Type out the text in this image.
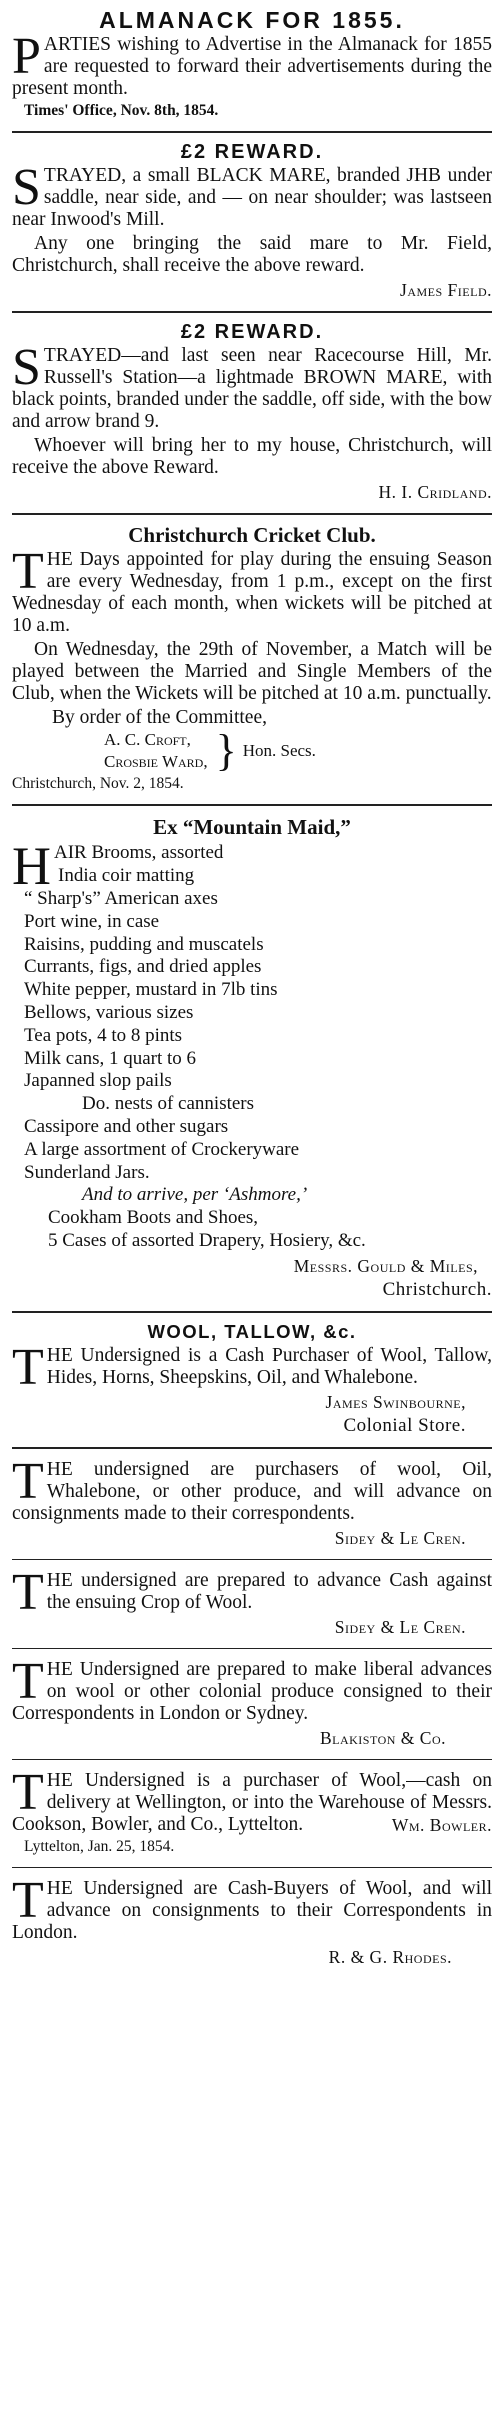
ALMANACK FOR 1855.

PARTIES wishing to Advertise in the Almanack for 1855 are requested to forward their advertisements during the present month.

Times' Office, Nov. 8th, 1854.
£2 REWARD.

STRAYED, a small BLACK MARE, branded JHB under saddle, near side, and — on near shoulder; was lastseen near Inwood's Mill.

Any one bringing the said mare to Mr. Field, Christchurch, shall receive the above reward.

James Field.
£2 REWARD.

STRAYED—and last seen near Racecourse Hill, Mr. Russell's Station—a lightmade BROWN MARE, with black points, branded under the saddle, off side, with the bow and arrow brand 9.

Whoever will bring her to my house, Christchurch, will receive the above Reward.

H. I. Cridland.
Christchurch Cricket Club.

THE Days appointed for play during the ensuing Season are every Wednesday, from 1 p.m., except on the first Wednesday of each month, when wickets will be pitched at 10 a.m.

On Wednesday, the 29th of November, a Match will be played between the Married and Single Members of the Club, when the Wickets will be pitched at 10 a.m. punctually.

By order of the Committee,

A. C. Croft,
Crosbie Ward, } Hon. Secs.
Christchurch, Nov. 2, 1854.
Ex “Mountain Maid,”
HAIR Brooms, assorted
India coir matting
“ Sharp's” American axes
Port wine, in case
Raisins, pudding and muscatels
Currants, figs, and dried apples
White pepper, mustard in 7lb tins
Bellows, various sizes
Tea pots, 4 to 8 pints
Milk cans, 1 quart to 6
Japanned slop pails
Do. nests of cannisters
Cassipore and other sugars
A large assortment of Crockeryware
Sunderland Jars.
And to arrive, per ‘Ashmore,’
Cookham Boots and Shoes,
5 Cases of assorted Drapery, Hosiery, &c.
Messrs. Gould & Miles,
Christchurch.
WOOL, TALLOW, &c.

THE Undersigned is a Cash Purchaser of Wool, Tallow, Hides, Horns, Sheepskins, Oil, and Whalebone.

James Swinbourne,
Colonial Store.

THE undersigned are purchasers of wool, Oil, Whalebone, or other produce, and will advance on consignments made to their correspondents.

Sidey & Le Cren.

THE undersigned are prepared to advance Cash against the ensuing Crop of Wool.

Sidey & Le Cren.

THE Undersigned are prepared to make liberal advances on wool or other colonial produce consigned to their Correspondents in London or Sydney.

Blakiston & Co.

THE Undersigned is a purchaser of Wool,—cash on delivery at Wellington, or into the Warehouse of Messrs. Cookson, Bowler, and Co., Lyttelton.	Wm. Bowler.
Lyttelton, Jan. 25, 1854.

THE Undersigned are Cash-Buyers of Wool, and will advance on consignments to their Correspondents in London.

R. & G. Rhodes.
